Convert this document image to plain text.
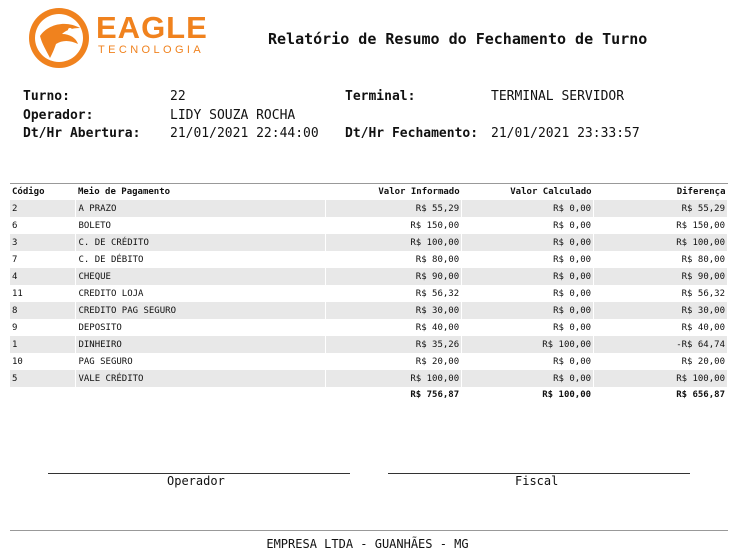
EAGLE
TECNOLOGIA
Relatório de Resumo do Fechamento de Turno
Turno:	22
Operador:	LIDY SOUZA ROCHA
Dt/Hr Abertura: 21/01/2021 22:44:00
Terminal:	TERMINAL SERVIDOR
Dt/Hr Fechamento: 21/01/2021 23:33:57
Código	Meio de Pagamento	Valor Informado	Valor Calculado	Diferença
2	A PRAZO	R$ 55,29	R$ 0,00	R$ 55,29
6	BOLETO	R$ 150,00	R$ 0,00	R$ 150,00
3	C. DE CRÉDITO	R$ 100,00	R$ 0,00	R$ 100,00
7	C. DE DÉBITO	R$ 80,00	R$ 0,00	R$ 80,00
4	CHEQUE	R$ 90,00	R$ 0,00	R$ 90,00
11	CREDITO LOJA	R$ 56,32	R$ 0,00	R$ 56,32
8	CREDITO PAG SEGURO	R$ 30,00	R$ 0,00	R$ 30,00
9	DEPOSITO	R$ 40,00	R$ 0,00	R$ 40,00
1	DINHEIRO	R$ 35,26	R$ 100,00	-R$ 64,74
10	PAG SEGURO	R$ 20,00	R$ 0,00	R$ 20,00
5	VALE CRÉDITO	R$ 100,00	R$ 0,00	R$ 100,00
		R$ 756,87	R$ 100,00	R$ 656,87
Operador	Fiscal
EMPRESA LTDA - GUANHÃES - MG
